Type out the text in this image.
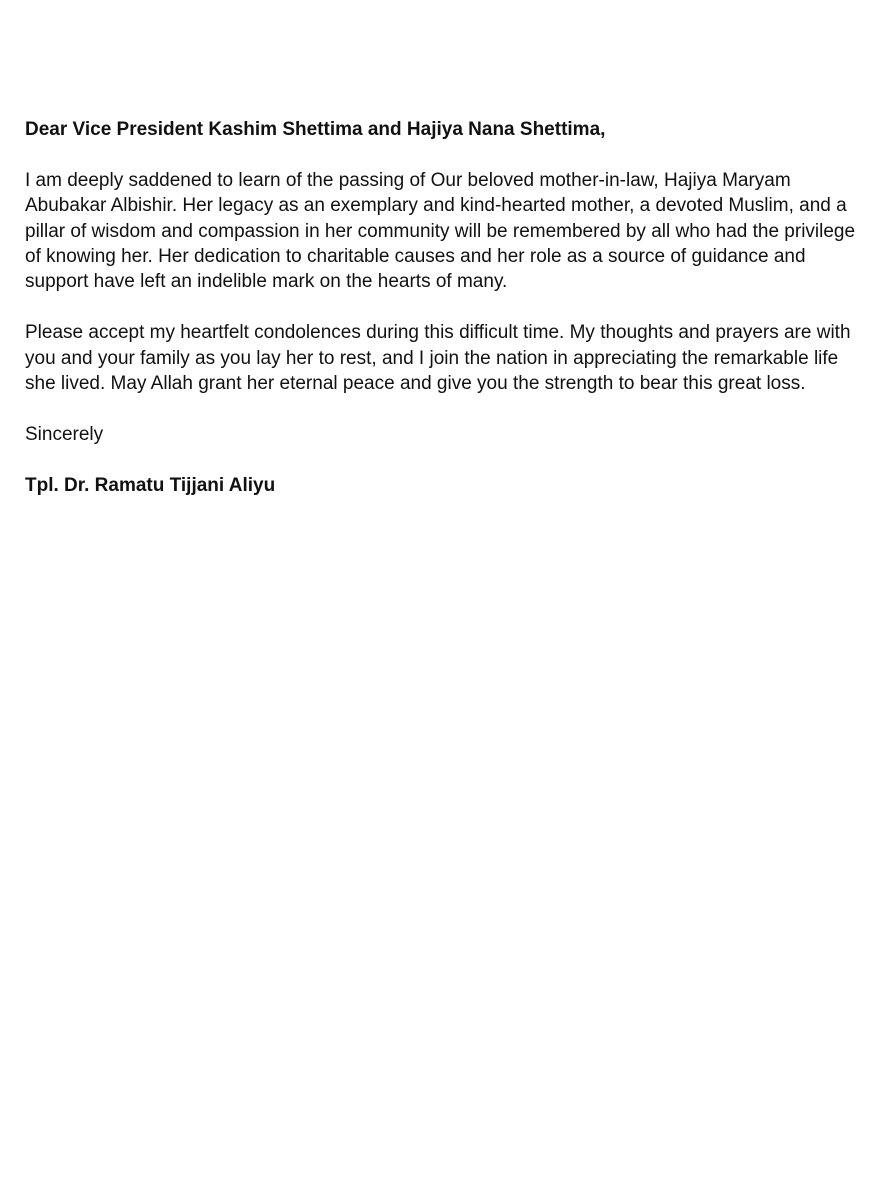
Dear Vice President Kashim Shettima and Hajiya Nana Shettima,

I am deeply saddened to learn of the passing of Our beloved mother-in-law, Hajiya Maryam Abubakar Albishir. Her legacy as an exemplary and kind-hearted mother, a devoted Muslim, and a pillar of wisdom and compassion in her community will be remembered by all who had the privilege of knowing her. Her dedication to charitable causes and her role as a source of guidance and support have left an indelible mark on the hearts of many.

Please accept my heartfelt condolences during this difficult time. My thoughts and prayers are with you and your family as you lay her to rest, and I join the nation in appreciating the remarkable life she lived. May Allah grant her eternal peace and give you the strength to bear this great loss.

Sincerely

Tpl. Dr. Ramatu Tijjani Aliyu
